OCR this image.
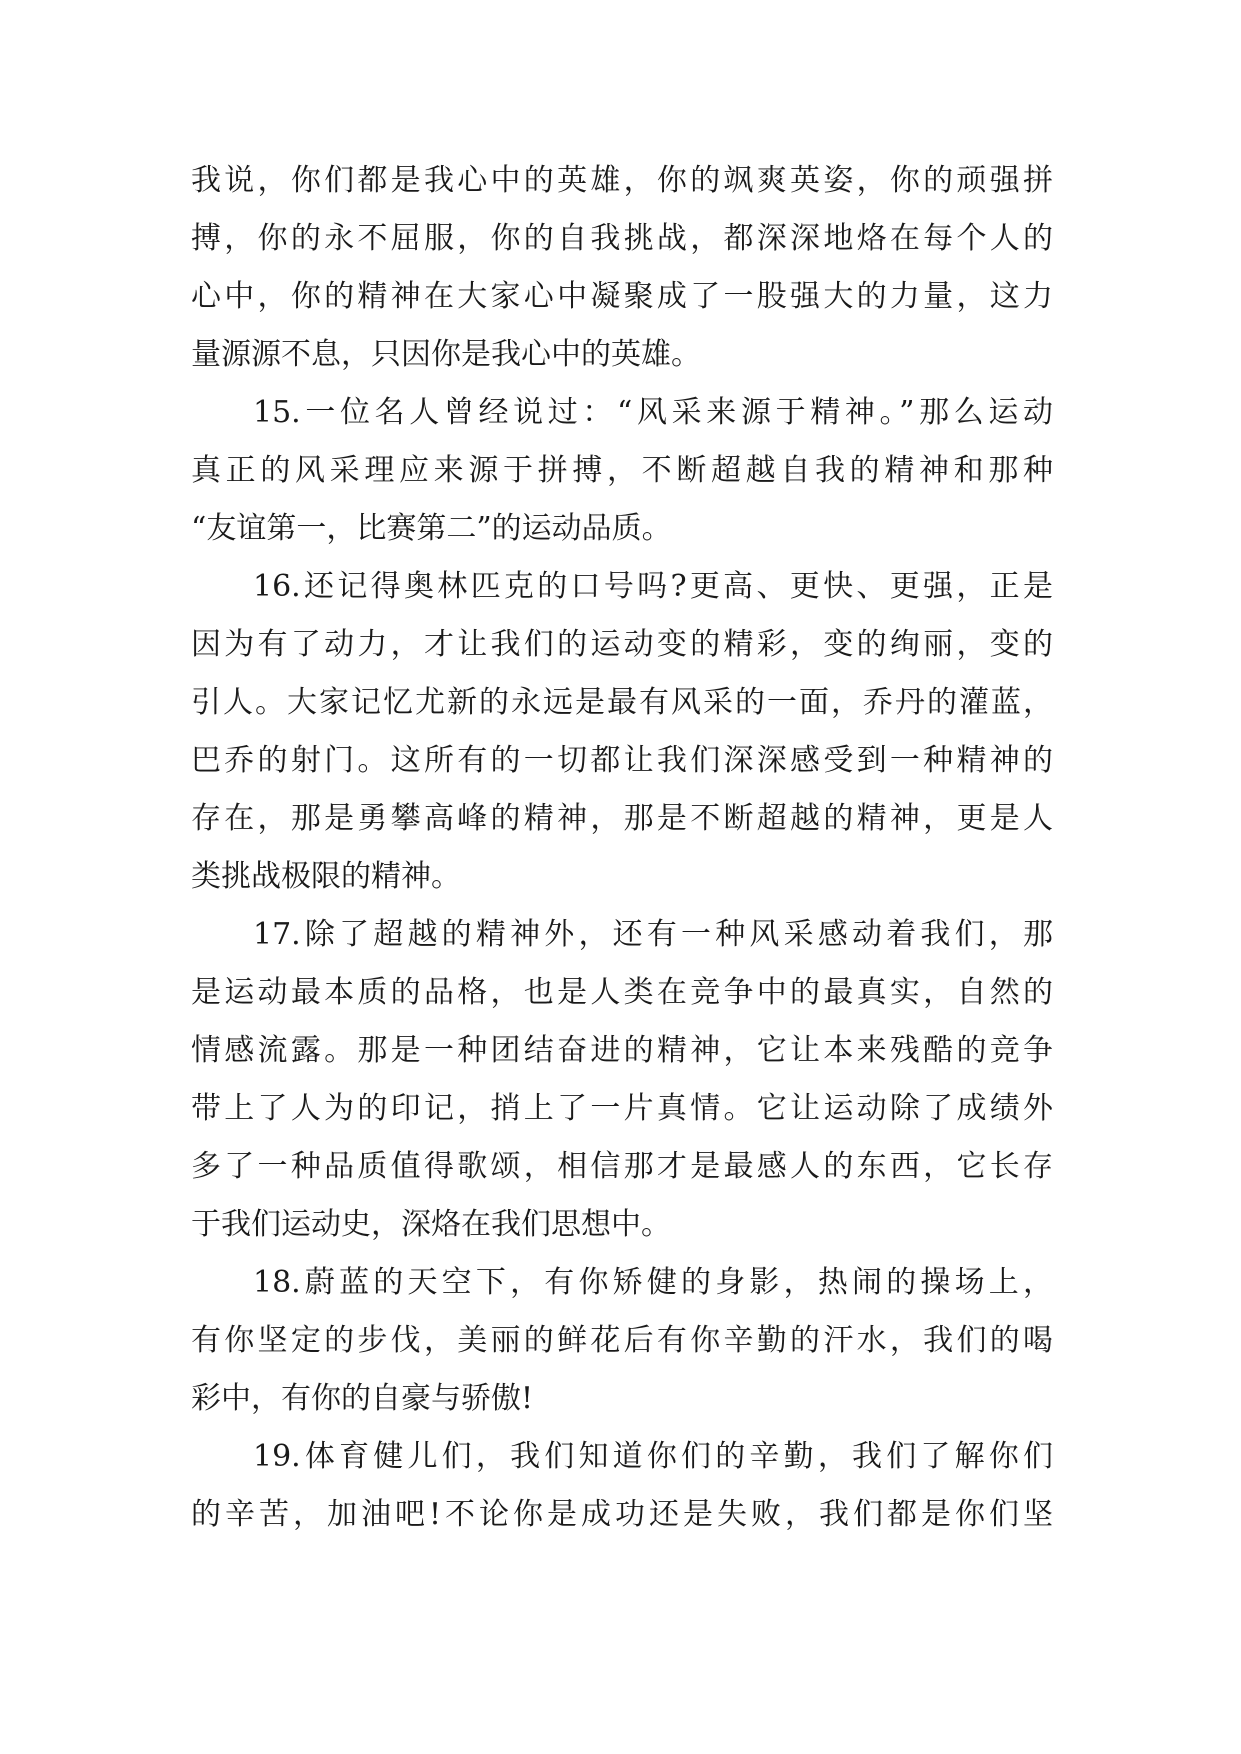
我说，你们都是我心中的英雄，你的飒爽英姿，你的顽强拼
搏，你的永不屈服，你的自我挑战，都深深地烙在每个人的
心中，你的精神在大家心中凝聚成了一股强大的力量，这力
量源源不息，只因你是我心中的英雄。
15.一位名人曾经说过：“风采来源于精神。”那么运动
真正的风采理应来源于拼搏，不断超越自我的精神和那种
“友谊第一，比赛第二”的运动品质。
16.还记得奥林匹克的口号吗?更高、更快、更强，正是
因为有了动力，才让我们的运动变的精彩，变的绚丽，变的
引人。大家记忆尤新的永远是最有风采的一面，乔丹的灌蓝，
巴乔的射门。这所有的一切都让我们深深感受到一种精神的
存在，那是勇攀高峰的精神，那是不断超越的精神，更是人
类挑战极限的精神。
17.除了超越的精神外，还有一种风采感动着我们，那
是运动最本质的品格，也是人类在竞争中的最真实，自然的
情感流露。那是一种团结奋进的精神，它让本来残酷的竞争
带上了人为的印记，捎上了一片真情。它让运动除了成绩外
多了一种品质值得歌颂，相信那才是最感人的东西，它长存
于我们运动史，深烙在我们思想中。
18.蔚蓝的天空下，有你矫健的身影，热闹的操场上，
有你坚定的步伐，美丽的鲜花后有你辛勤的汗水，我们的喝
彩中，有你的自豪与骄傲!
19.体育健儿们，我们知道你们的辛勤，我们了解你们
的辛苦，加油吧!不论你是成功还是失败，我们都是你们坚
